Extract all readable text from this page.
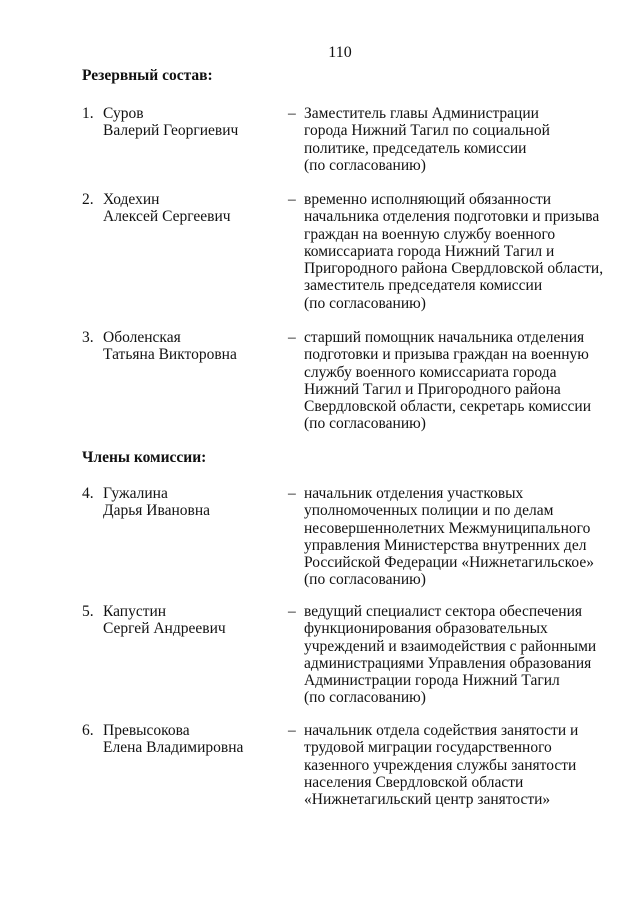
110
Резервный состав:
1. Суров
Валерий Георгиевич
– Заместитель главы Администрации
города Нижний Тагил по социальной
политике, председатель комиссии
(по согласованию)
2. Ходехин
Алексей Сергеевич
– временно исполняющий обязанности
начальника отделения подготовки и призыва
граждан на военную службу военного
комиссариата города Нижний Тагил и
Пригородного района Свердловской области,
заместитель председателя комиссии
(по согласованию)
3. Оболенская
Татьяна Викторовна
– старший помощник начальника отделения
подготовки и призыва граждан на военную
службу военного комиссариата города
Нижний Тагил и Пригородного района
Свердловской области, секретарь комиссии
(по согласованию)
Члены комиссии:
4. Гужалина
Дарья Ивановна
– начальник отделения участковых
уполномоченных полиции и по делам
несовершеннолетних Межмуниципального
управления Министерства внутренних дел
Российской Федерации «Нижнетагильское»
(по согласованию)
5. Капустин
Сергей Андреевич
– ведущий специалист сектора обеспечения
функционирования образовательных
учреждений и взаимодействия с районными
администрациями Управления образования
Администрации города Нижний Тагил
(по согласованию)
6. Превысокова
Елена Владимировна
– начальник отдела содействия занятости и
трудовой миграции государственного
казенного учреждения службы занятости
населения Свердловской области
«Нижнетагильский центр занятости»
